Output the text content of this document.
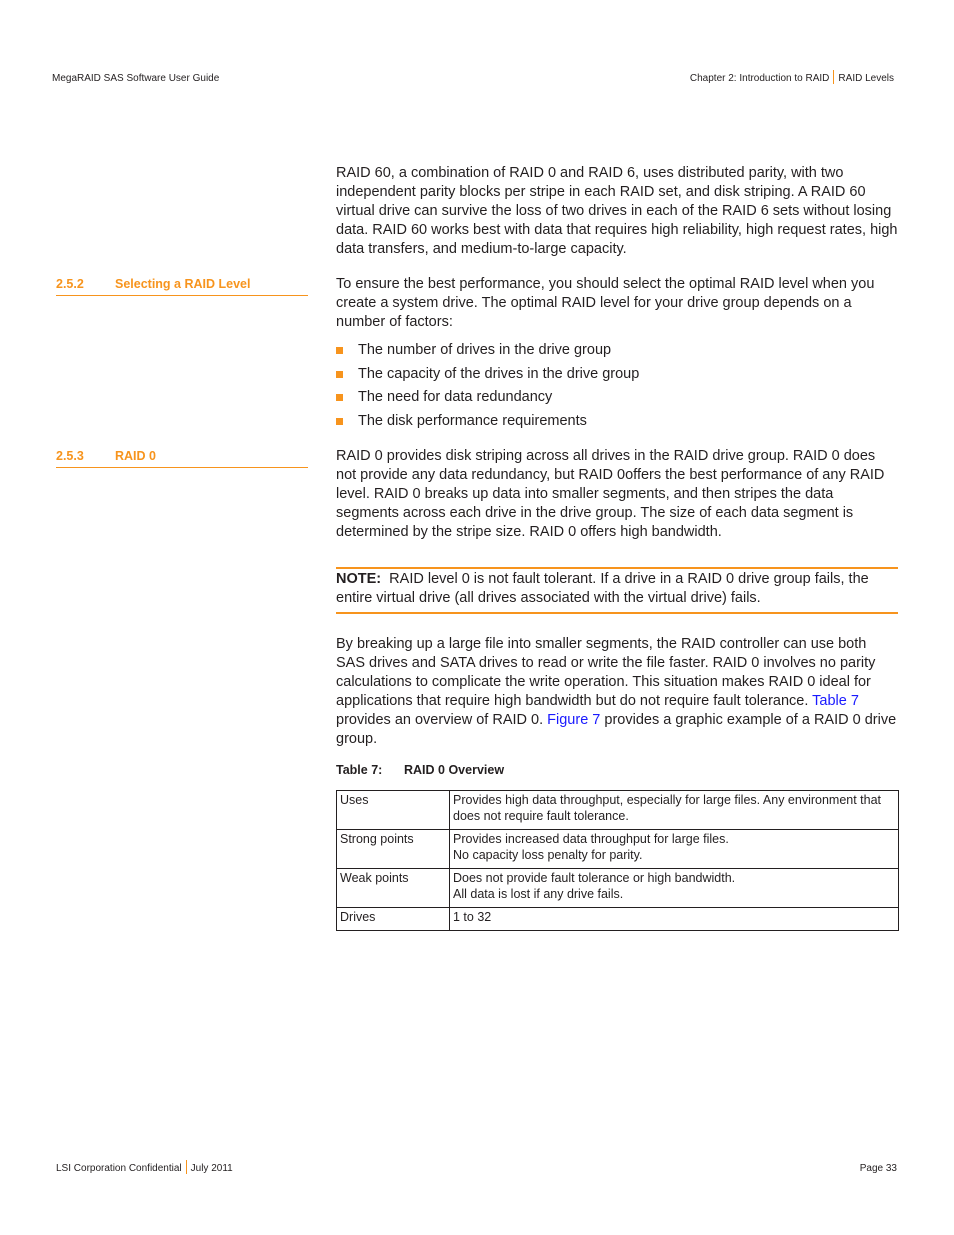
MegaRAID SAS Software User Guide	Chapter 2: Introduction to RAID RAID Levels
RAID 60, a combination of RAID 0 and RAID 6, uses distributed parity, with two independent parity blocks per stripe in each RAID set, and disk striping. A RAID 60 virtual drive can survive the loss of two drives in each of the RAID 6 sets without losing data. RAID 60 works best with data that requires high reliability, high request rates, high data transfers, and medium-to-large capacity.
2.5.2 Selecting a RAID Level	To ensure the best performance, you should select the optimal RAID level when you create a system drive. The optimal RAID level for your drive group depends on a number of factors:
The number of drives in the drive group
The capacity of the drives in the drive group
The need for data redundancy
The disk performance requirements
2.5.3 RAID 0	RAID 0 provides disk striping across all drives in the RAID drive group. RAID 0 does not provide any data redundancy, but RAID 0offers the best performance of any RAID level. RAID 0 breaks up data into smaller segments, and then stripes the data segments across each drive in the drive group. The size of each data segment is determined by the stripe size. RAID 0 offers high bandwidth.
NOTE: RAID level 0 is not fault tolerant. If a drive in a RAID 0 drive group fails, the entire virtual drive (all drives associated with the virtual drive) fails.
By breaking up a large file into smaller segments, the RAID controller can use both SAS drives and SATA drives to read or write the file faster. RAID 0 involves no parity calculations to complicate the write operation. This situation makes RAID 0 ideal for applications that require high bandwidth but do not require fault tolerance. Table 7 provides an overview of RAID 0. Figure 7 provides a graphic example of a RAID 0 drive group.
Table 7: RAID 0 Overview
Uses	Provides high data throughput, especially for large files. Any environment that does not require fault tolerance.
Strong points	Provides increased data throughput for large files.
No capacity loss penalty for parity.

Weak points	Does not provide fault tolerance or high bandwidth.
All data is lost if any drive fails.

Drives	1 to 32
LSI Corporation Confidential July 2011	Page 33
